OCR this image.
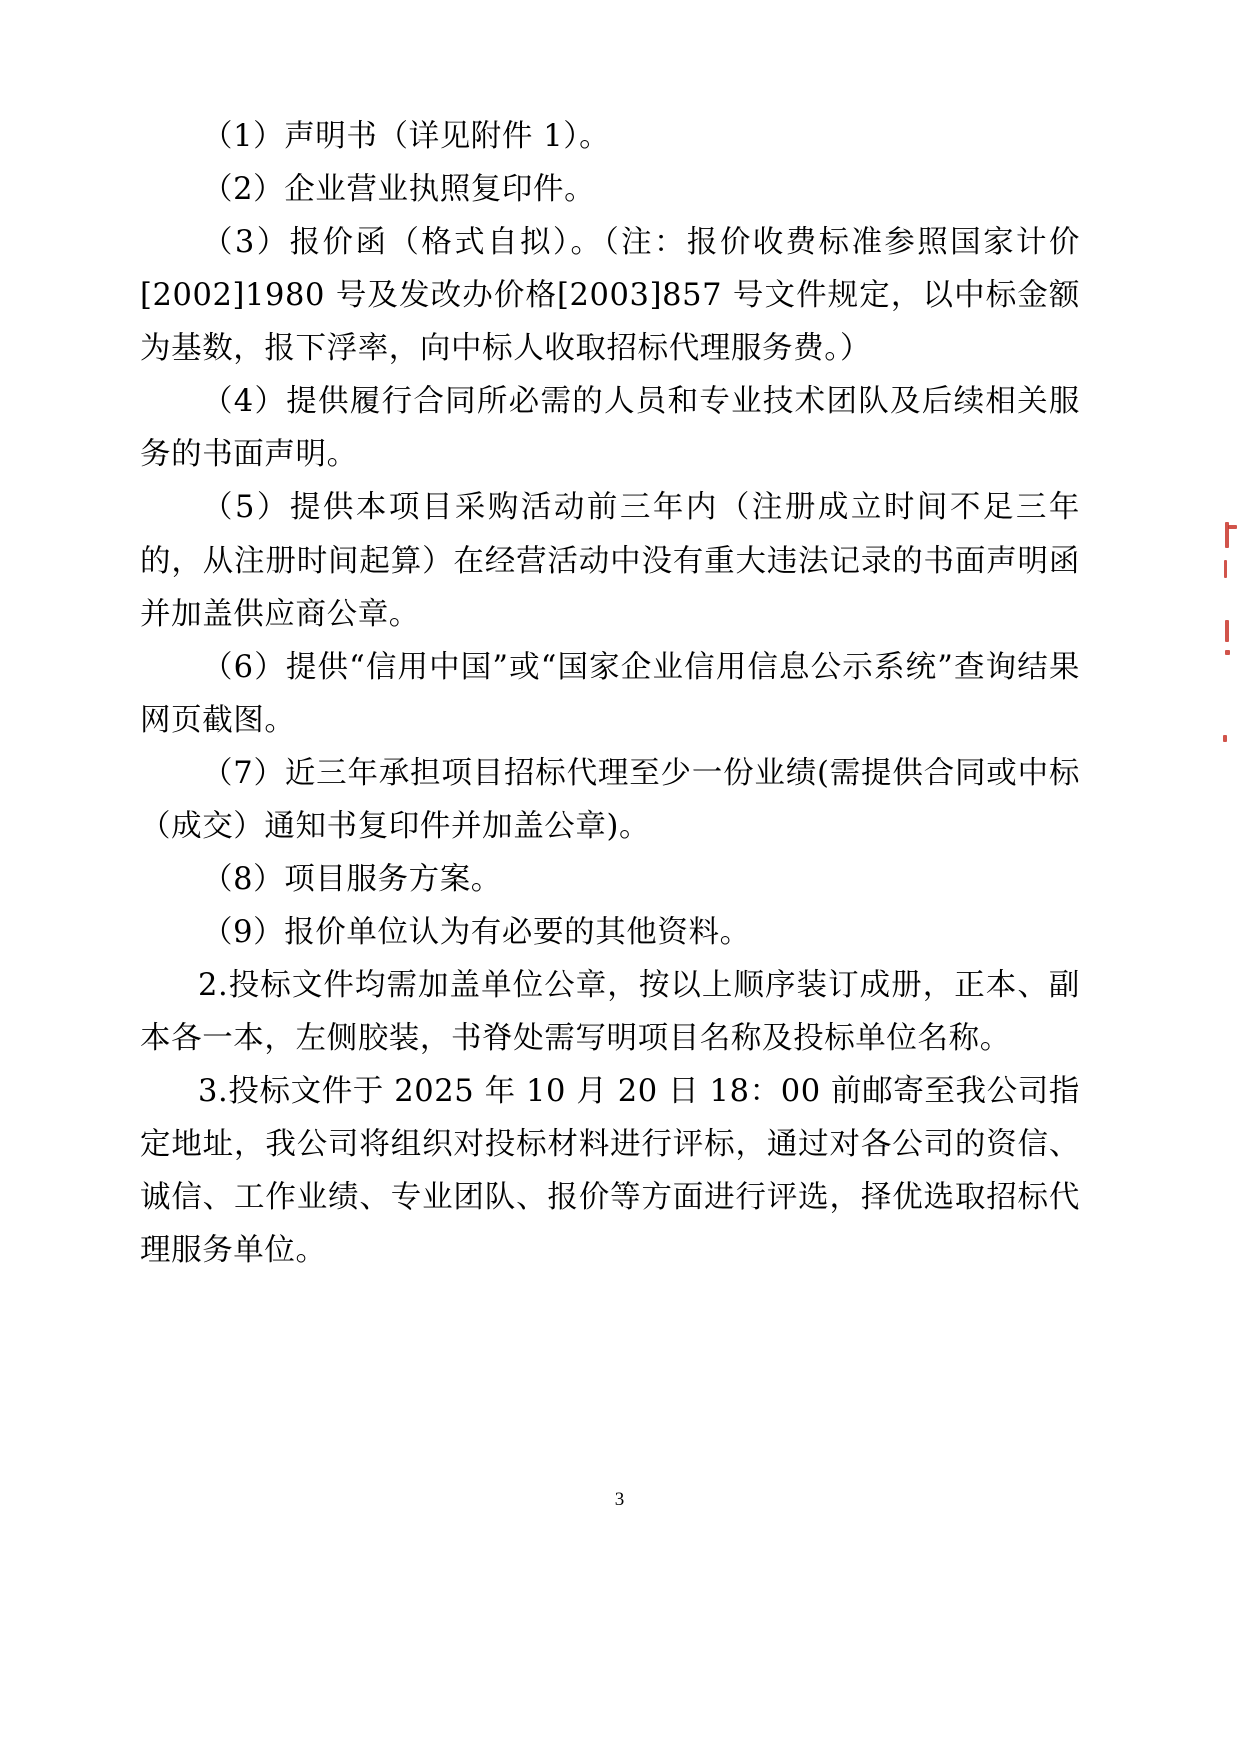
（1）声明书（详见附件 1）。

（2）企业营业执照复印件。

（3）报价函（格式自拟）。（注：报价收费标准参照国家计价[2002]1980 号及发改办价格[2003]857 号文件规定，以中标金额为基数，报下浮率，向中标人收取招标代理服务费。）

（4）提供履行合同所必需的人员和专业技术团队及后续相关服务的书面声明。

（5）提供本项目采购活动前三年内（注册成立时间不足三年的，从注册时间起算）在经营活动中没有重大违法记录的书面声明函并加盖供应商公章。

（6）提供“信用中国”或“国家企业信用信息公示系统”查询结果网页截图。

（7）近三年承担项目招标代理至少一份业绩(需提供合同或中标（成交）通知书复印件并加盖公章)。

（8）项目服务方案。

（9）报价单位认为有必要的其他资料。

2.投标文件均需加盖单位公章，按以上顺序装订成册，正本、副本各一本，左侧胶装，书脊处需写明项目名称及投标单位名称。

3.投标文件于 2025 年 10 月 20 日 18：00 前邮寄至我公司指定地址，我公司将组织对投标材料进行评标，通过对各公司的资信、诚信、工作业绩、专业团队、报价等方面进行评选，择优选取招标代理服务单位。

3
